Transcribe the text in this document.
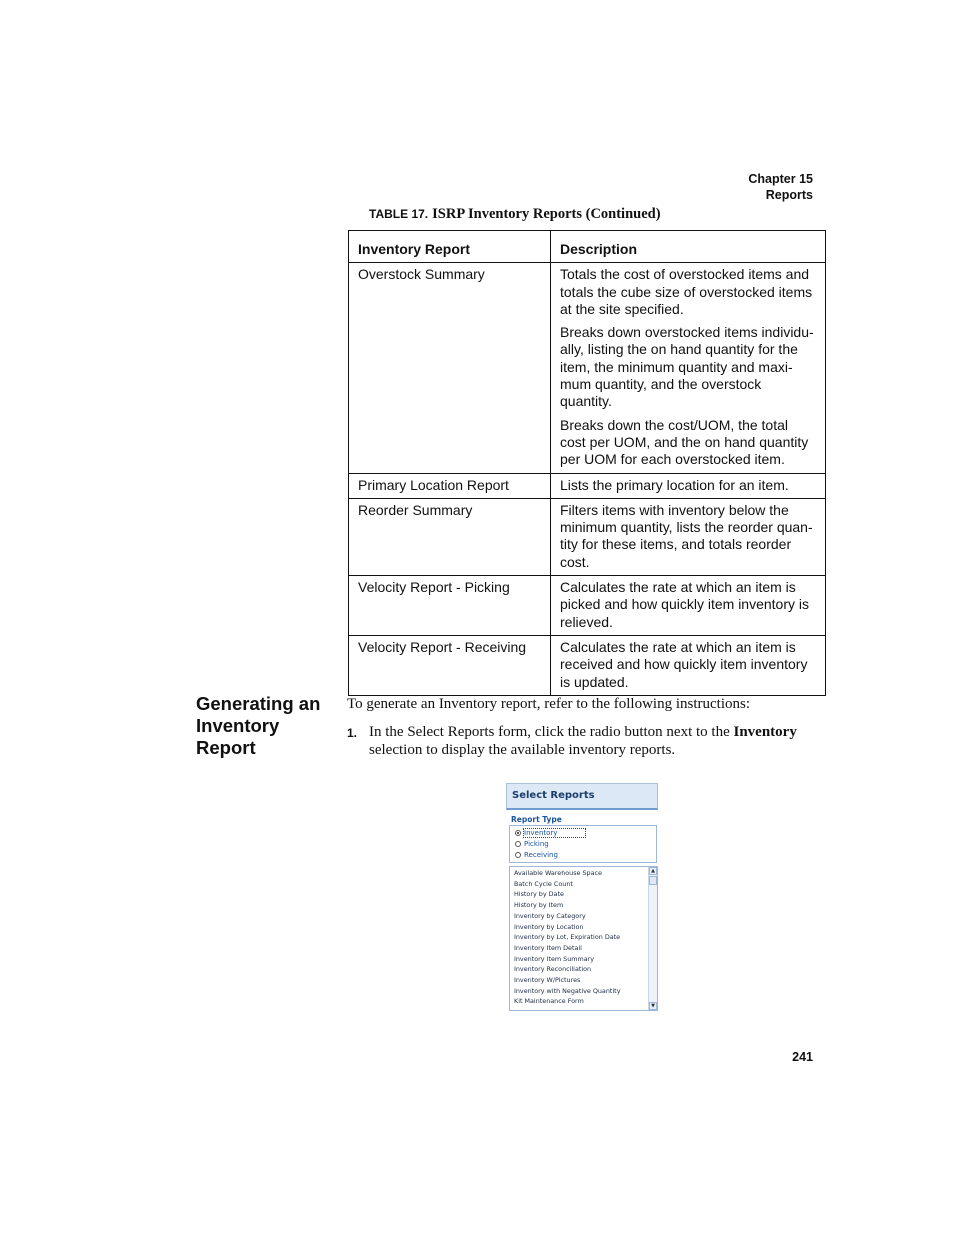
Chapter 15
Reports
TABLE 17. ISRP Inventory Reports (Continued)
Inventory Report	Description
Overstock Summary	Totals the cost of overstocked items and totals the cube size of overstocked items at the site specified.

Breaks down overstocked items individu-ally, listing the on hand quantity for the item, the minimum quantity and maxi-mum quantity, and the overstock quantity.

Breaks down the cost/UOM, the total cost per UOM, and the on hand quantity per UOM for each overstocked item.

Primary Location Report	Lists the primary location for an item.

Reorder Summary	Filters items with inventory below the minimum quantity, lists the reorder quan-tity for these items, and totals reorder cost.

Velocity Report - Picking	Calculates the rate at which an item is picked and how quickly item inventory is relieved.

Velocity Report - Receiving	Calculates the rate at which an item is received and how quickly item inventory is updated.

Generating an Inventory Report
To generate an Inventory report, refer to the following instructions:
1. In the Select Reports form, click the radio button next to the Inventory selection to display the available inventory reports.
Select Reports
Report Type
Inventory
Picking
Receiving
Available Warehouse Space
Batch Cycle Count
History by Date
History by Item
Inventory by Category
Inventory by Location
Inventory by Lot, Expiration Date
Inventory Item Detail
Inventory Item Summary
Inventory Reconciliation
Inventory W/Pictures
Inventory with Negative Quantity
Kit Maintenance Form
▲
▼
241
